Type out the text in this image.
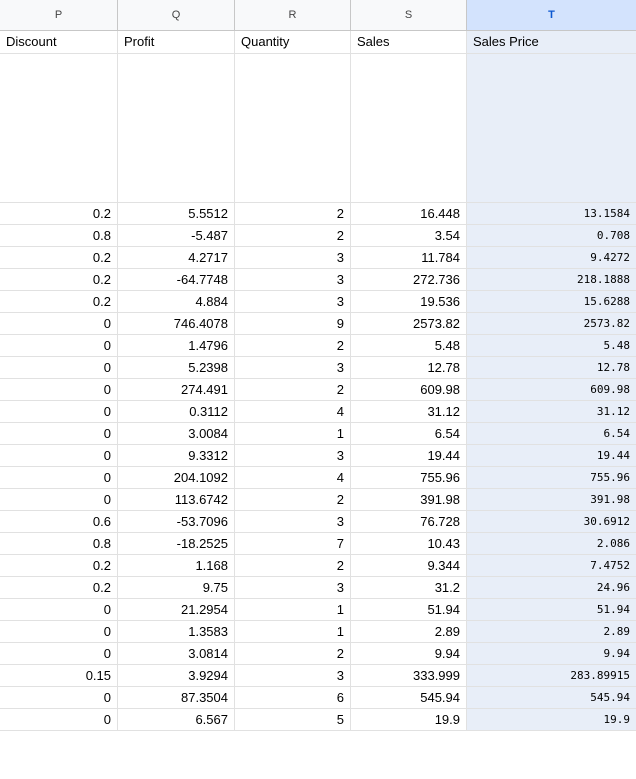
P	Q	R	S	T
Discount	Profit	Quantity	Sales	Sales Price
0.2	5.5512	2	16.448	13.1584
0.8	-5.487	2	3.54	0.708
0.2	4.2717	3	11.784	9.4272
0.2	-64.7748	3	272.736	218.1888
0.2	4.884	3	19.536	15.6288
0	746.4078	9	2573.82	2573.82
0	1.4796	2	5.48	5.48
0	5.2398	3	12.78	12.78
0	274.491	2	609.98	609.98
0	0.3112	4	31.12	31.12
0	3.0084	1	6.54	6.54
0	9.3312	3	19.44	19.44
0	204.1092	4	755.96	755.96
0	113.6742	2	391.98	391.98
0.6	-53.7096	3	76.728	30.6912
0.8	-18.2525	7	10.43	2.086
0.2	1.168	2	9.344	7.4752
0.2	9.75	3	31.2	24.96
0	21.2954	1	51.94	51.94
0	1.3583	1	2.89	2.89
0	3.0814	2	9.94	9.94
0.15	3.9294	3	333.999	283.89915
0	87.3504	6	545.94	545.94
0	6.567	5	19.9	19.9
